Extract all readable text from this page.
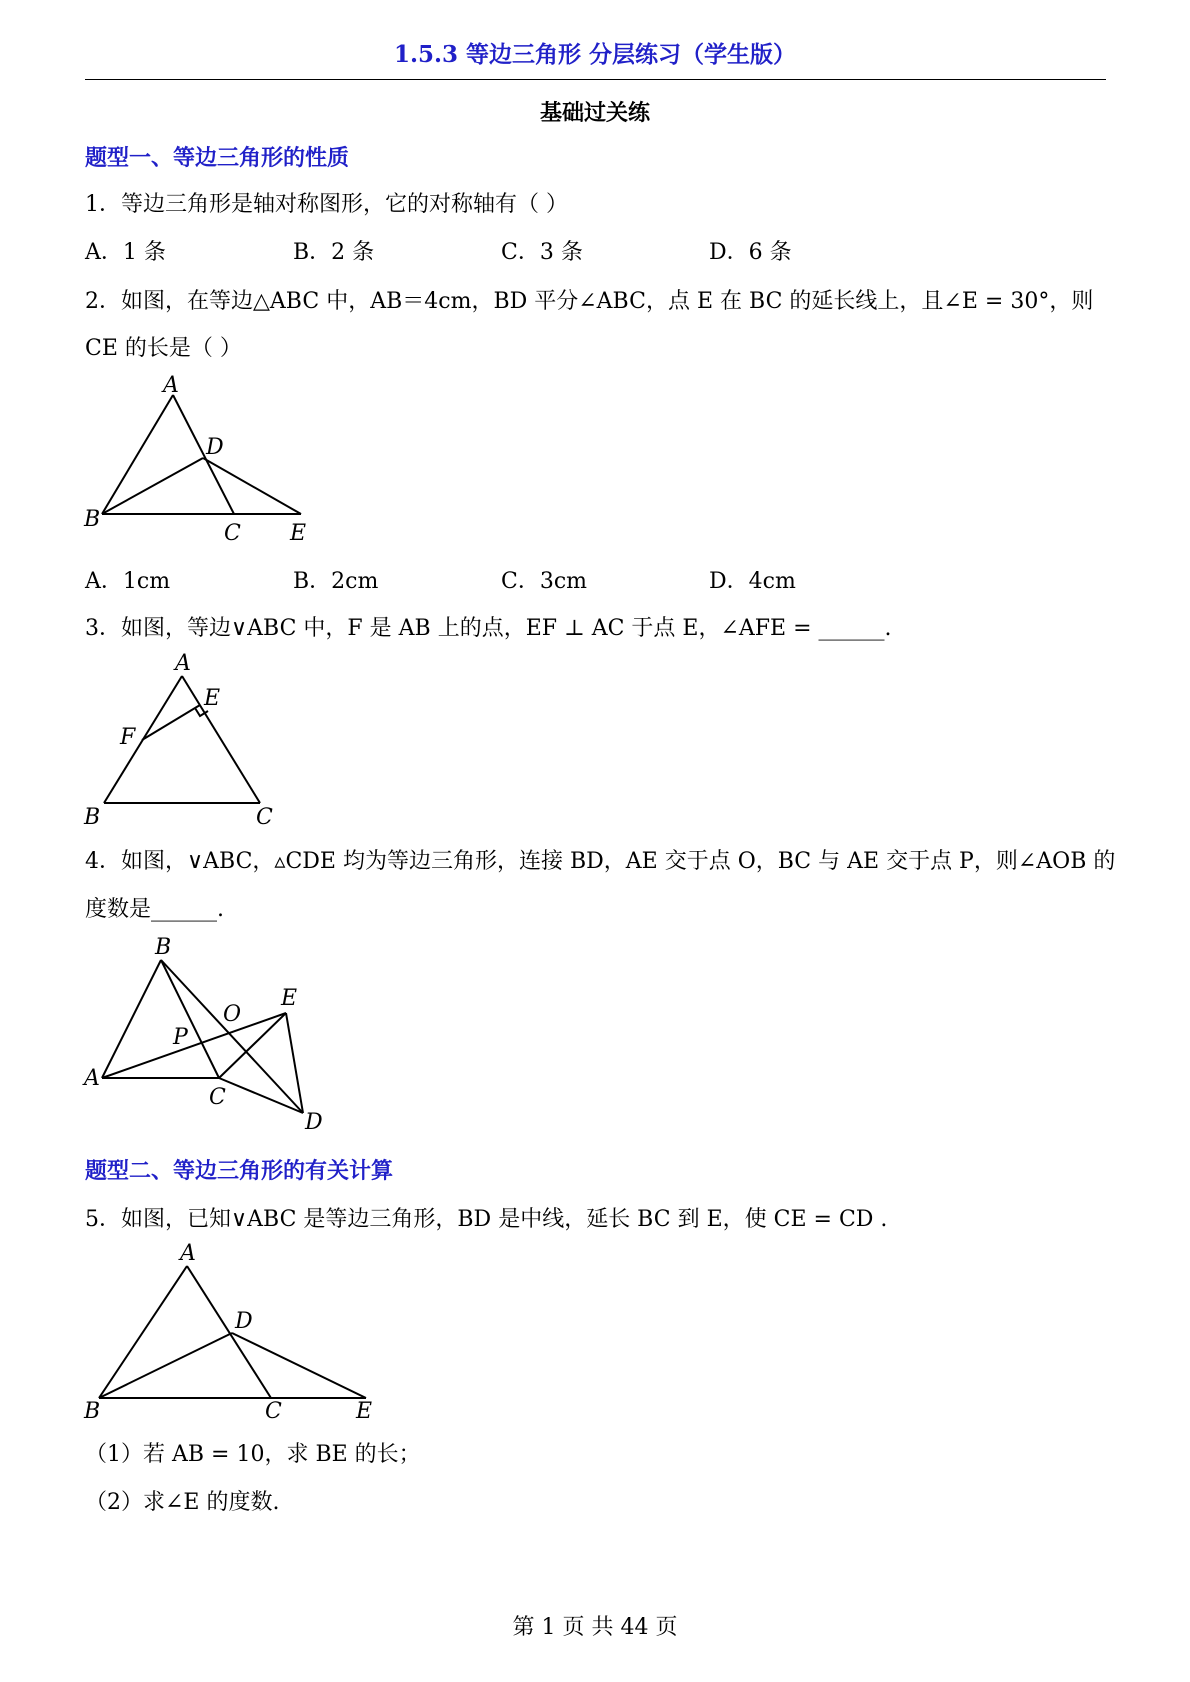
1.5.3 等边三角形 分层练习（学生版）
基础过关练
题型一、等边三角形的性质
1．等边三角形是轴对称图形，它的对称轴有（ ）
A．1 条	B．2 条	C．3 条	D．6 条
2．如图，在等边△ABC 中，AB＝4cm，BD 平分∠ABC，点 E 在 BC 的延长线上，且∠E = 30°，则
CE 的长是（ ）
A
B
C
D
E
A．1cm	B．2cm	C．3cm	D．4cm
3．如图，等边∨ABC 中，F 是 AB 上的点，EF ⊥ AC 于点 E，∠AFE = ______.
A
E
F
B	C
4．如图，∨ABC，▵CDE 均为等边三角形，连接 BD，AE 交于点 O，BC 与 AE 交于点 P，则∠AOB 的
度数是______.
B
E
O
P
A
C
D
题型二、等边三角形的有关计算
5．如图，已知∨ABC 是等边三角形，BD 是中线，延长 BC 到 E，使 CE = CD .
A
D
B	C	E
（1）若 AB = 10，求 BE 的长；
（2）求∠E 的度数.
第 1 页 共 44 页
